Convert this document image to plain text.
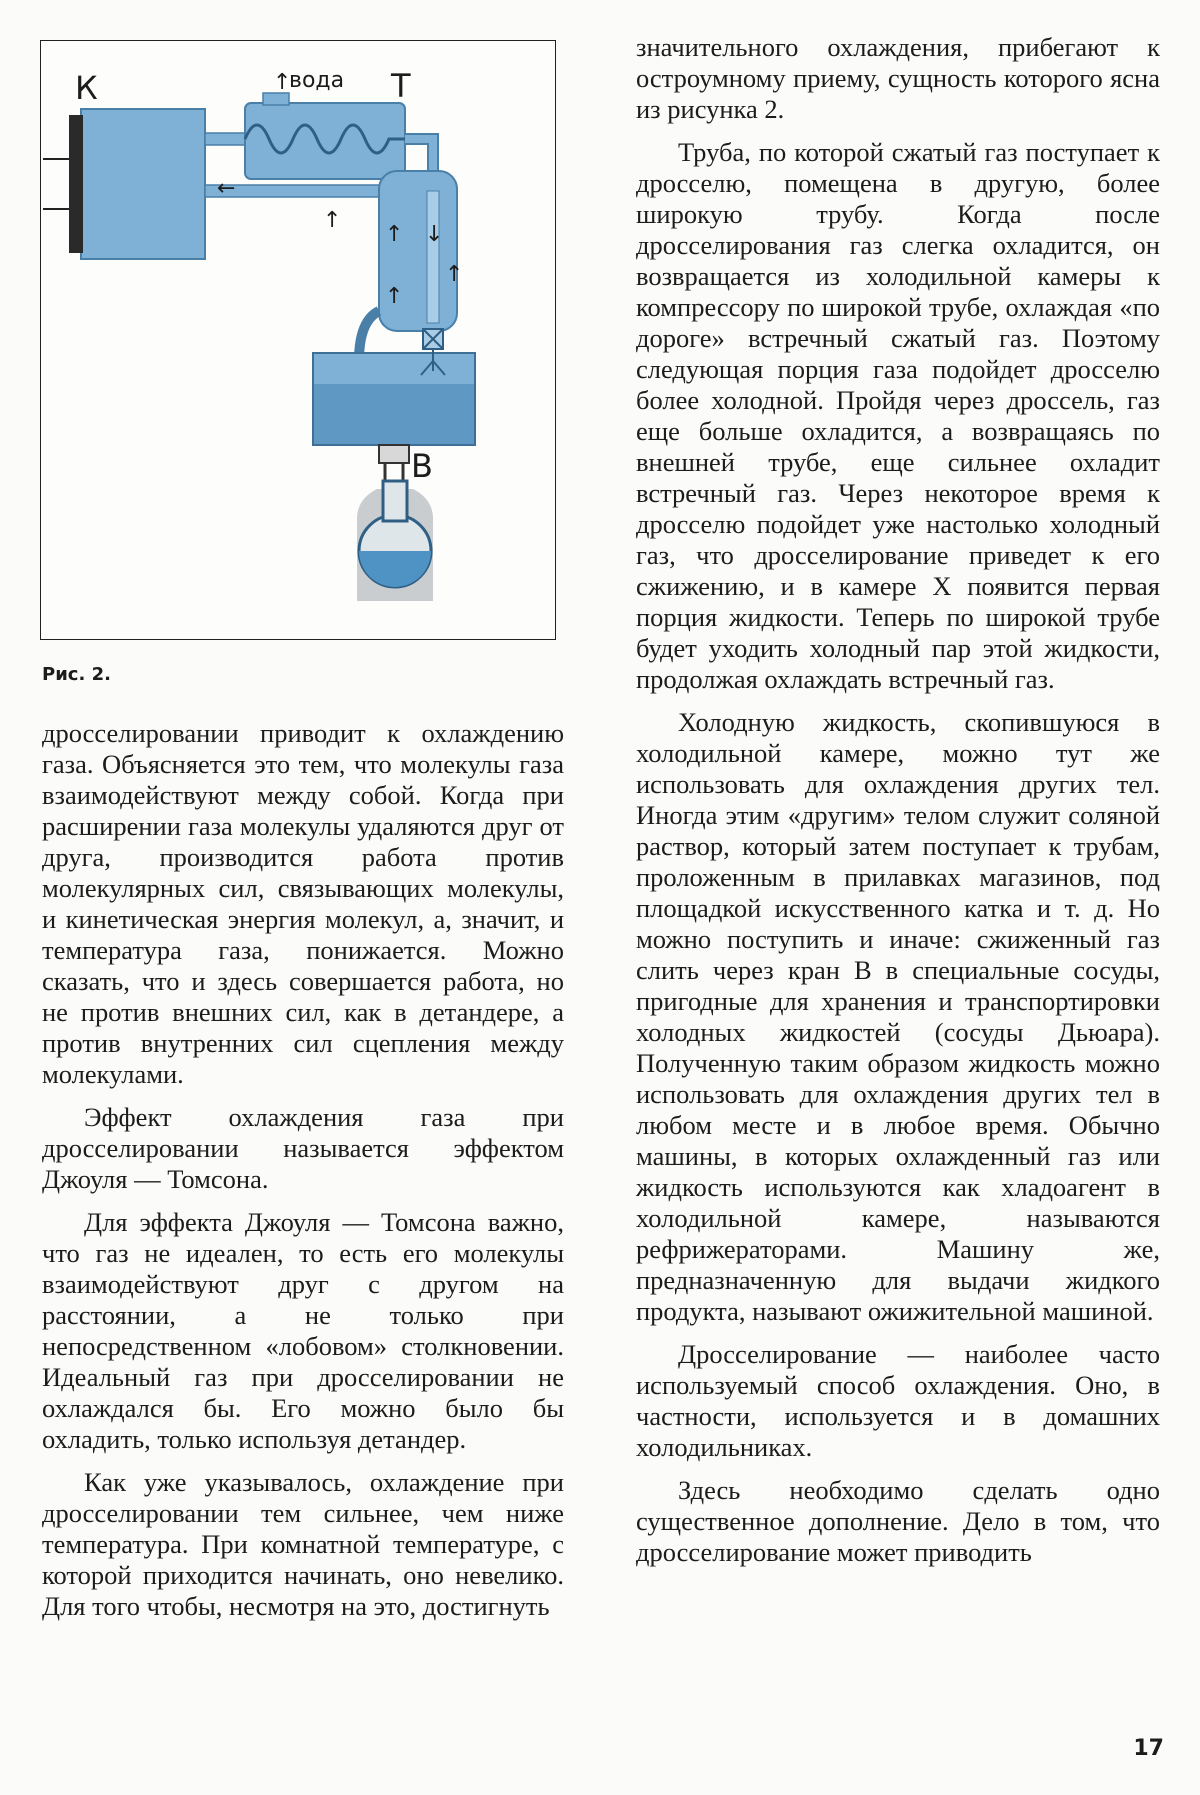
К	↑
вода Т
←
↑
↑ ↓
↑
↑
В
Рис. 2.

дросселировании приводит к охлаждению газа. Объясняется это тем, что молекулы газа взаимодействуют между собой. Когда при расширении газа молекулы удаляются друг от друга, производится работа против молекулярных сил, связывающих молекулы, и кинетическая энергия молекул, а, значит, и температура газа, понижается. Можно сказать, что и здесь совершается работа, но не против внешних сил, как в детандере, а против внутренних сил сцепления между молекулами.

Эффект охлаждения газа при дросселировании называется эффектом Джоуля — Томсона.

Для эффекта Джоуля — Томсона важно, что газ не идеален, то есть его молекулы взаимодействуют друг с другом на расстоянии, а не только при непосредственном «лобовом» столкновении. Идеальный газ при дросселировании не охлаждался бы. Его можно было бы охладить, только используя детандер.

Как уже указывалось, охлаждение при дросселировании тем сильнее, чем ниже температура. При комнатной температуре, с которой приходится начинать, оно невелико. Для того чтобы, несмотря на это, достигнуть

значительного охлаждения, прибегают к остроумному приему, сущность которого ясна из рисунка 2.

Труба, по которой сжатый газ поступает к дросселю, помещена в другую, более широкую трубу. Когда после дросселирования газ слегка охладится, он возвращается из холодильной камеры к компрессору по широкой трубе, охлаждая «по дороге» встречный сжатый газ. Поэтому следующая порция газа подойдет дросселю более холодной. Пройдя через дроссель, газ еще больше охладится, а возвращаясь по внешней трубе, еще сильнее охладит встречный газ. Через некоторое время к дросселю подойдет уже настолько холодный газ, что дросселирование приведет к его сжижению, и в камере Х появится первая порция жидкости. Теперь по широкой трубе будет уходить холодный пар этой жидкости, продолжая охлаждать встречный газ.

Холодную жидкость, скопившуюся в холодильной камере, можно тут же использовать для охлаждения других тел. Иногда этим «другим» телом служит соляной раствор, который затем поступает к трубам, проложенным в прилавках магазинов, под площадкой искусственного катка и т. д. Но можно поступить и иначе: сжиженный газ слить через кран В в специальные сосуды, пригодные для хранения и транспортировки холодных жидкостей (сосуды Дьюара). Полученную таким образом жидкость можно использовать для охлаждения других тел в любом месте и в любое время. Обычно машины, в которых охлажденный газ или жидкость используются как хладоагент в холодильной камере, называются рефрижераторами. Машину же, предназначенную для выдачи жидкого продукта, называют ожижительной машиной.

Дросселирование — наиболее часто используемый способ охлаждения. Оно, в частности, используется и в домашних холодильниках.

Здесь необходимо сделать одно существенное дополнение. Дело в том, что дросселирование может приводить

17
